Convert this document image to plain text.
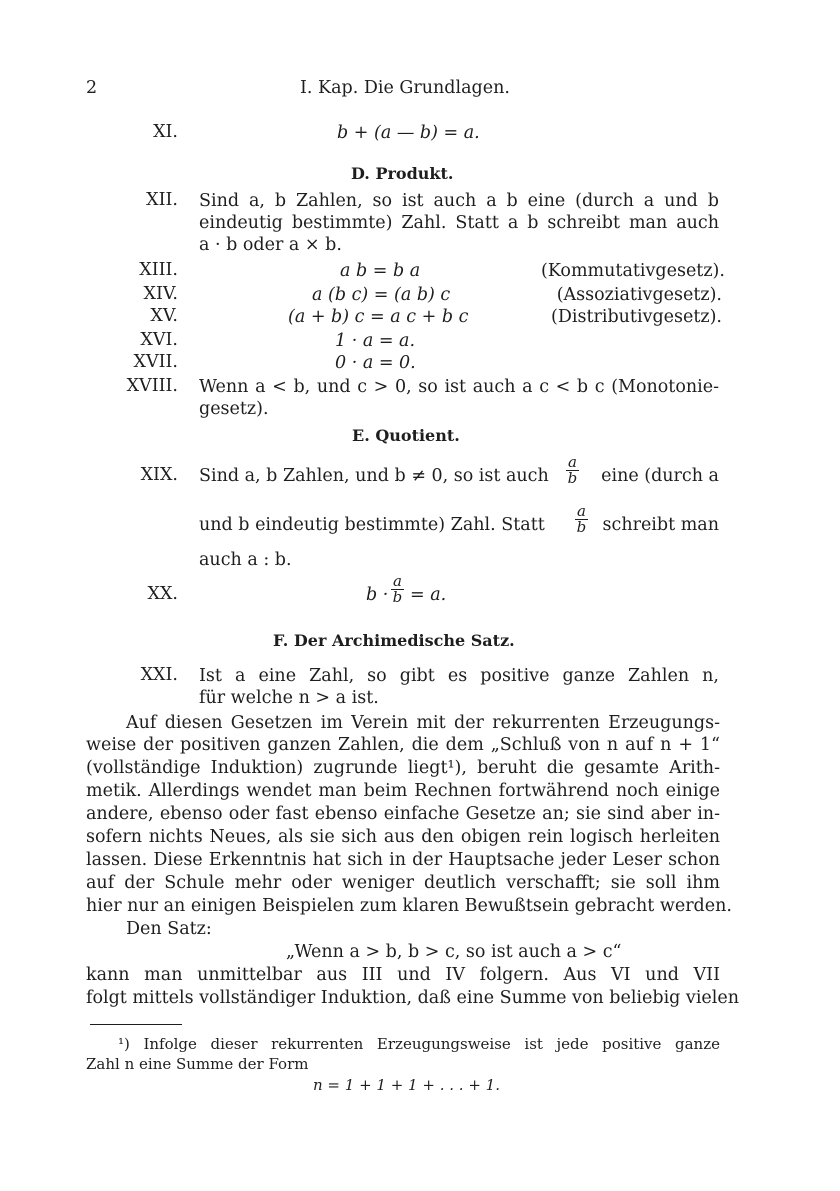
2	I. Kap. Die Grundlagen.
XI.	b + (a — b) = a.
D. Produkt.
XII. Sind a, b Zahlen, so ist auch a b eine (durch a und b
eindeutig bestimmte) Zahl. Statt a b schreibt man auch
a · b oder a × b.
XIII.	a b = b a	(Kommutativgesetz).
XIV.	a (b c) = (a b) c	(Assoziativgesetz).
XV.	(a + b) c = a c + b c	(Distributivgesetz).
XVI.	1 · a = a.
XVII.	0 · a = 0.
XVIII. Wenn a < b, und c > 0, so ist auch a c < b c (Monotonie-
gesetz).
E. Quotient.
XIX. Sind a, b Zahlen, und b ≠ 0, so ist auch $\frac{a}{b}$	eine (durch a
und b eindeutig bestimmte) Zahl. Statt $\frac{a}{b}$ schreibt man
auch a : b.
XX.	$b \cdot \frac{a}{b} = a$.
F. Der Archimedische Satz.
XXI. Ist a eine Zahl, so gibt es positive ganze Zahlen n,
für welche n > a ist.
Auf diesen Gesetzen im Verein mit der rekurrenten Erzeugungs-
weise der positiven ganzen Zahlen, die dem „Schluß von n auf n + 1“
(vollständige Induktion) zugrunde liegt¹), beruht die gesamte Arith-
metik. Allerdings wendet man beim Rechnen fortwährend noch einige
andere, ebenso oder fast ebenso einfache Gesetze an; sie sind aber in-
sofern nichts Neues, als sie sich aus den obigen rein logisch herleiten
lassen. Diese Erkenntnis hat sich in der Hauptsache jeder Leser schon
auf der Schule mehr oder weniger deutlich verschafft; sie soll ihm
hier nur an einigen Beispielen zum klaren Bewußtsein gebracht werden.
Den Satz:
„Wenn a > b, b > c, so ist auch a > c“
kann man unmittelbar aus III und IV folgern. Aus VI und VII
folgt mittels vollständiger Induktion, daß eine Summe von beliebig vielen
¹) Infolge dieser rekurrenten Erzeugungsweise ist jede positive ganze
Zahl n eine Summe der Form
n = 1 + 1 + 1 + . . . + 1.
